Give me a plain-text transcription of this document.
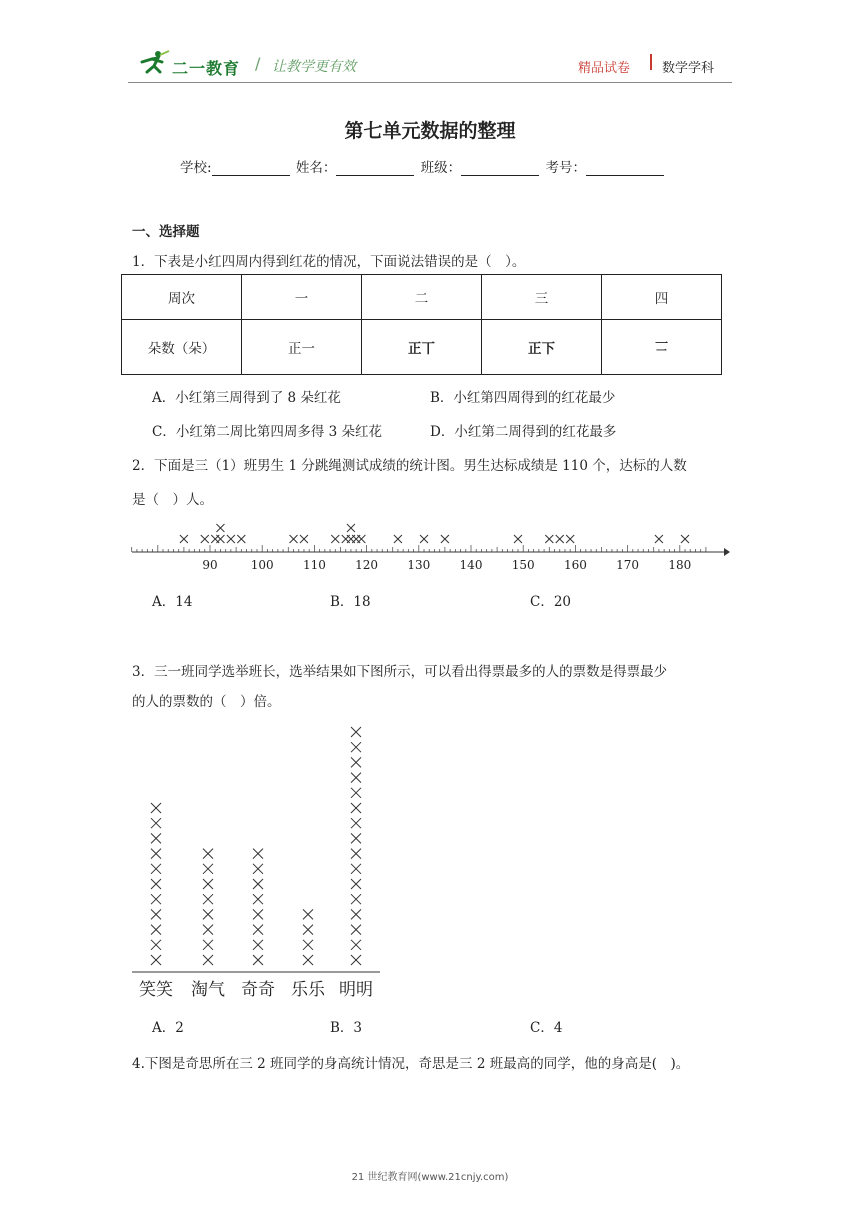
二一教育 / 让教学更有效	精品试卷 数学学科
第七单元数据的整理
学校:	姓名：	班级：	考号：
一、选择题
1．下表是小红四周内得到红花的情况，下面说法错误的是（　）。
周次	一	二	三	四
朵数（朵）	正一	正丅	正下	𠄟
A．小红第三周得到了 8 朵红花	B．小红第四周得到的红花最少
C．小红第二周比第四周多得 3 朵红花	D．小红第二周得到的红花最多
2．下面是三（1）班男生 1 分跳绳测试成绩的统计图。男生达标成绩是 110 个，达标的人数
是（　）人。
90	100 110 120 130 140 150 160 170 180
A．14	B．18	C．20
3．三一班同学选举班长，选举结果如下图所示，可以看出得票最多的人的票数是得票最少
的人的票数的（　）倍。
笑笑 淘气 奇奇 乐乐 明明
A．2	B．3	C．4
4.下图是奇思所在三 2 班同学的身高统计情况，奇思是三 2 班最高的同学，他的身高是(　)。
21 世纪教育网(www.21cnjy.com)
